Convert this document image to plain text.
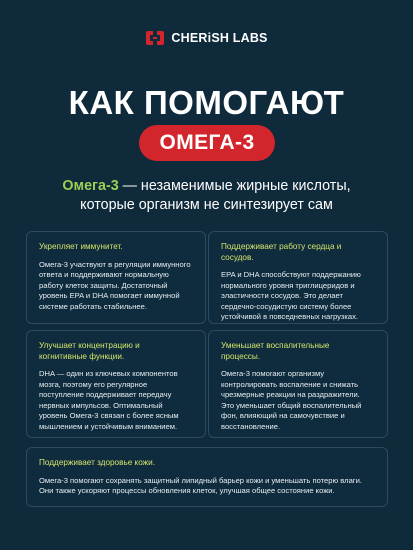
CHERiSH LABS
КАК ПОМОГАЮТ
ОМЕГА-3
Омега-3 — незаменимые жирные кислоты,
которые организм не синтезирует сам
Укрепляет иммунитет.

Омега-3 участвуют в регуляции иммунного ответа и поддерживают нормальную работу клеток защиты. Достаточный уровень EPA и DHA помогает иммунной системе работать стабильнее.

Поддерживает работу сердца и сосудов.

EPA и DHA способствуют поддержанию нормального уровня триглицеридов и эластичности сосудов. Это делает сердечно-сосудистую систему более устойчивой в повседневных нагрузках.

Улучшает концентрацию и когнитивные функции.

DHA — один из ключевых компонентов мозга, поэтому его регулярное поступление поддерживает передачу нервных импульсов. Оптимальный уровень Омега-3 связан с более ясным мышлением и устойчивым вниманием.

Уменьшает воспалительные процессы.

Омега-3 помогают организму контролировать воспаление и снижать чрезмерные реакции на раздражители. Это уменьшает общий воспалительный фон, влияющий на самочувствие и восстановление.

Поддерживает здоровье кожи.

Омега-3 помогают сохранять защитный липидный барьер кожи и уменьшать потерю влаги. Они также ускоряют процессы обновления клеток, улучшая общее состояние кожи.
